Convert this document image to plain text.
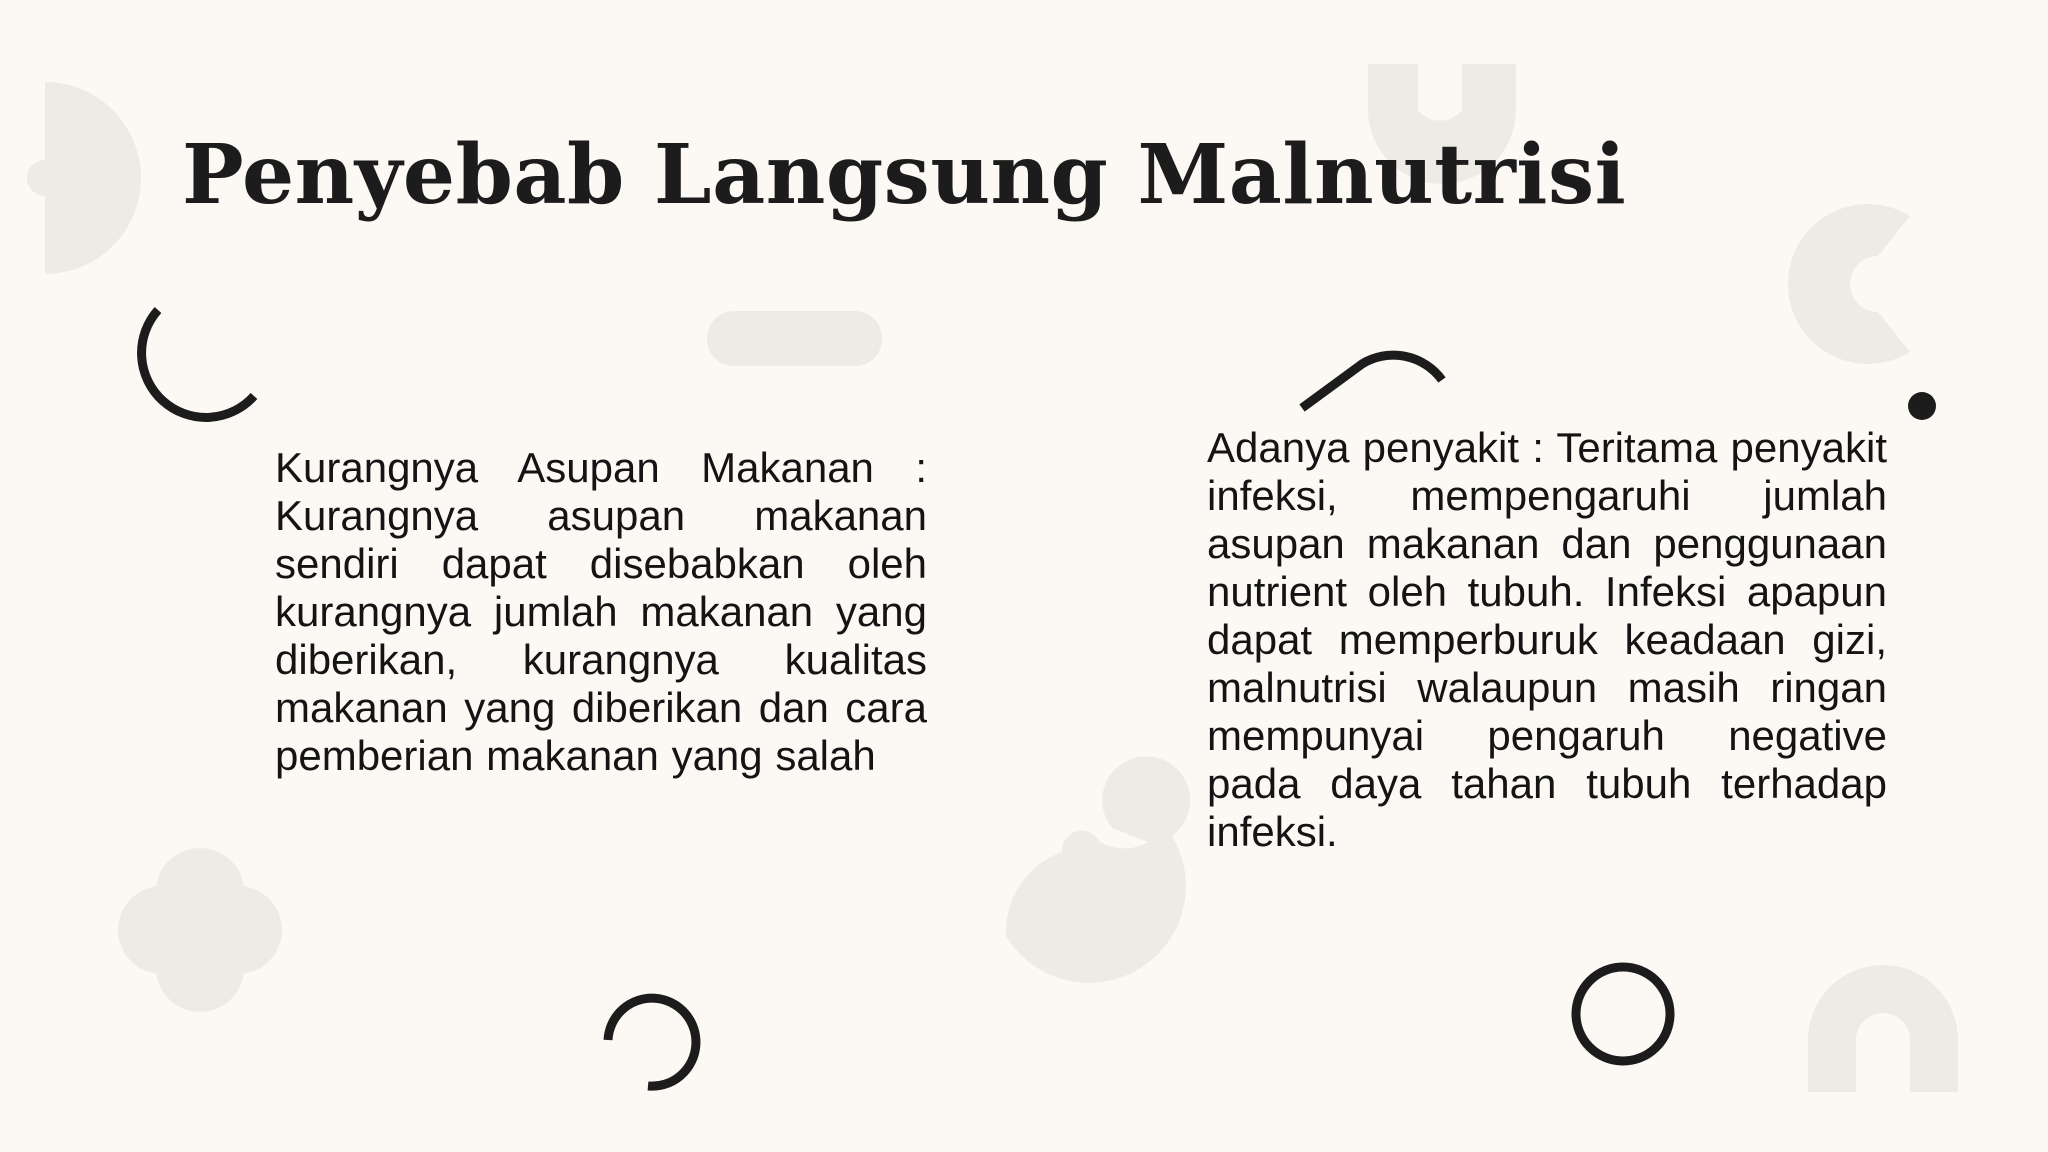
Penyebab Langsung Malnutrisi

Kurangnya Asupan Makanan : Kurangnya asupan makanan sendiri dapat disebabkan oleh kurangnya jumlah makanan yang diberikan, kurangnya kualitas makanan yang diberikan dan cara pemberian makanan yang salah

Adanya penyakit : Teritama penyakit infeksi, mempengaruhi jumlah asupan makanan dan penggunaan nutrient oleh tubuh. Infeksi apapun dapat memperburuk keadaan gizi, malnutrisi walaupun masih ringan mempunyai pengaruh negative pada daya tahan tubuh terhadap infeksi.
